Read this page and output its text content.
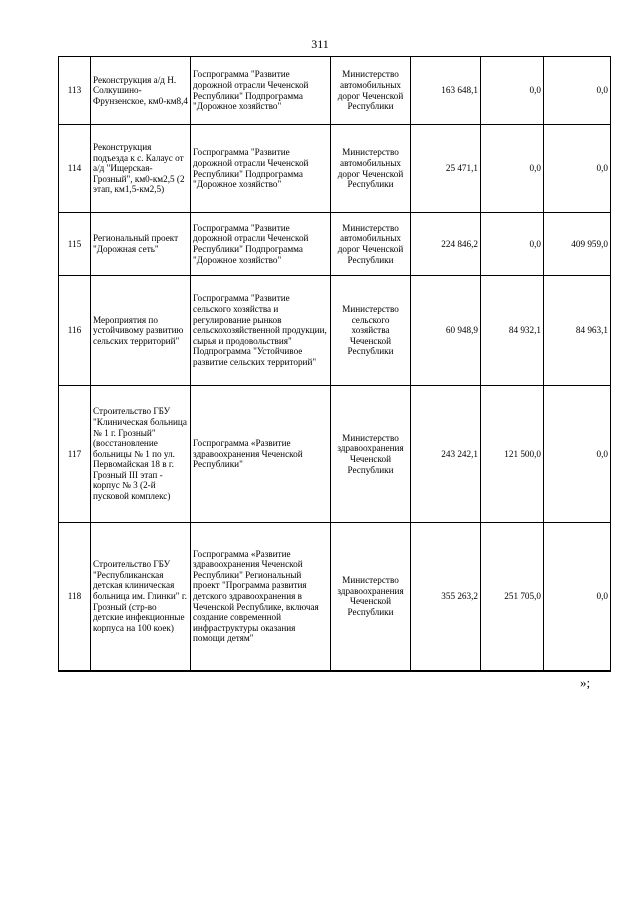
311
113	Реконструкция а/д Н. Солкушино-Фрунзенское, км0-км8,4	Госпрограмма "Развитие дорожной отрасли Чеченской Республики" Подпрограмма "Дорожное хозяйство"	Министерство автомобильных дорог Чеченской Республики	163 648,1	0,0	0,0
114	Реконструкция подъезда к с. Калаус от а/д "Ищерская-Грозный", км0-км2,5 (2 этап, км1,5-км2,5)	Госпрограмма "Развитие дорожной отрасли Чеченской Республики" Подпрограмма "Дорожное хозяйство"	Министерство автомобильных дорог Чеченской Республики	25 471,1	0,0	0,0
115	Региональный проект "Дорожная сеть"	Госпрограмма "Развитие дорожной отрасли Чеченской Республики" Подпрограмма "Дорожное хозяйство"	Министерство автомобильных дорог Чеченской Республики	224 846,2	0,0	409 959,0
116	Мероприятия по устойчивому развитию сельских территорий"	Госпрограмма "Развитие сельского хозяйства и регулирование рынков сельскохозяйственной продукции, сырья и продовольствия" Подпрограмма "Устойчивое развитие сельских территорий"	Министерство сельского хозяйства Чеченской Республики	60 948,9	84 932,1	84 963,1
117	Строительство ГБУ "Клиническая больница № 1 г. Грозный" (восстановление больницы № 1 по ул. Первомайская 18 в г. Грозный III этап - корпус № 3 (2-й пусковой комплекс)	Госпрограмма «Развитие здравоохранения Чеченской Республики"	Министерство здравоохранения Чеченской Республики	243 242,1	121 500,0	0,0
118	Строительство ГБУ "Республиканская детская клиническая больница им. Глинки" г. Грозный (стр-во детские инфекционные корпуса на 100 коек)	Госпрограмма «Развитие здравоохранения Чеченской Республики" Региональный проект "Программа развития детского здравоохранения в Чеченской Республике, включая создание современной инфраструктуры оказания помощи детям"	Министерство здравоохранения Чеченской Республики	355 263,2	251 705,0	0,0
»;
